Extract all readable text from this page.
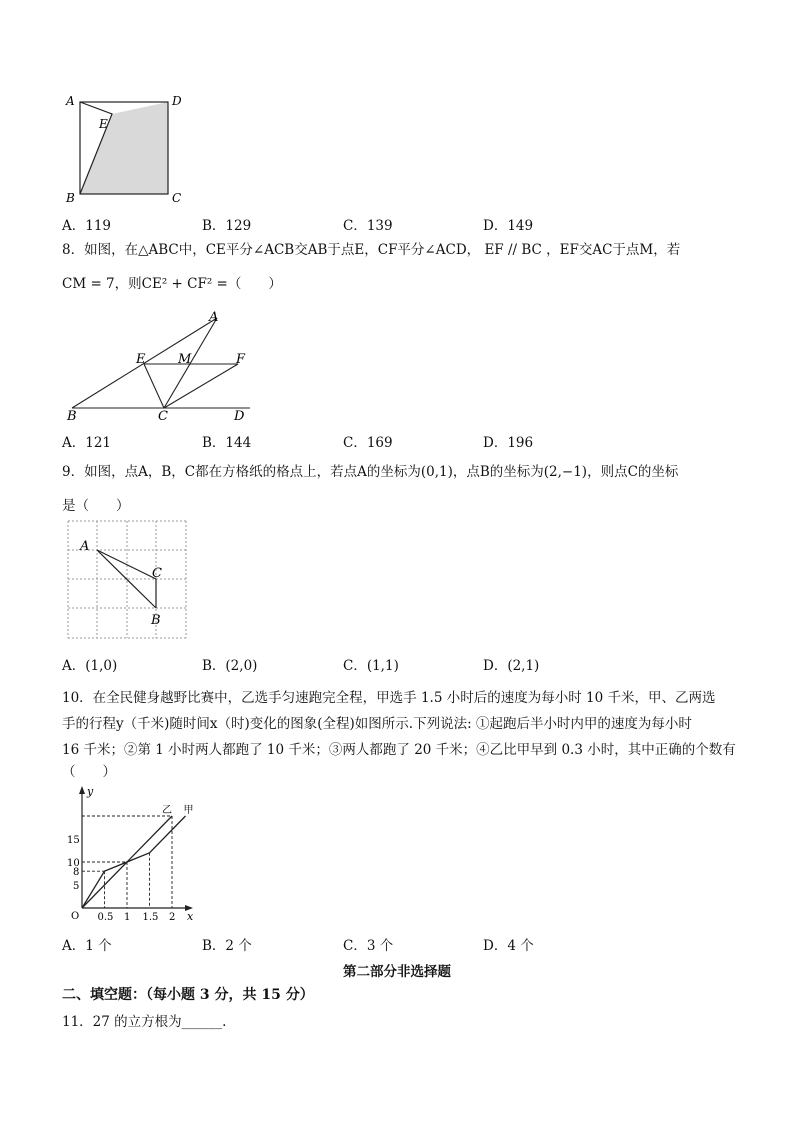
A	D
E
B	C
A．119	B．129	C．139	D．149
8．如图，在△ABC中，CE平分∠ACB交AB于点E，CF平分∠ACD， EF // BC ，EF交AC于点M，若
CM = 7，则CE² + CF² =（　　）
A
E	M	F
B	C	D
A．121	B．144	C．169	D．196
9．如图，点A，B，C都在方格纸的格点上，若点A的坐标为(0,1)，点B的坐标为(2,−1)，则点C的坐标
是（　　）
A
C
B
A．(1,0)	B．(2,0)	C．(1,1)	D．(2,1)
10．在全民健身越野比赛中，乙选手匀速跑完全程，甲选手 1.5 小时后的速度为每小时 10 千米，甲、乙两选
手的行程y（千米)随时间x（时)变化的图象(全程)如图所示.下列说法: ①起跑后半小时内甲的速度为每小时
16 千米；②第 1 小时两人都跑了 10 千米；③两人都跑了 20 千米；④乙比甲早到 0.3 小时，其中正确的个数有
（　　）
x
y
O 0.5 1 1.5 2
5
8
10
15
甲
乙
A．1 个	B．2 个	C．3 个	D．4 个
第二部分非选择题
二、填空题：（每小题 3 分，共 15 分）
11．27 的立方根为______.
